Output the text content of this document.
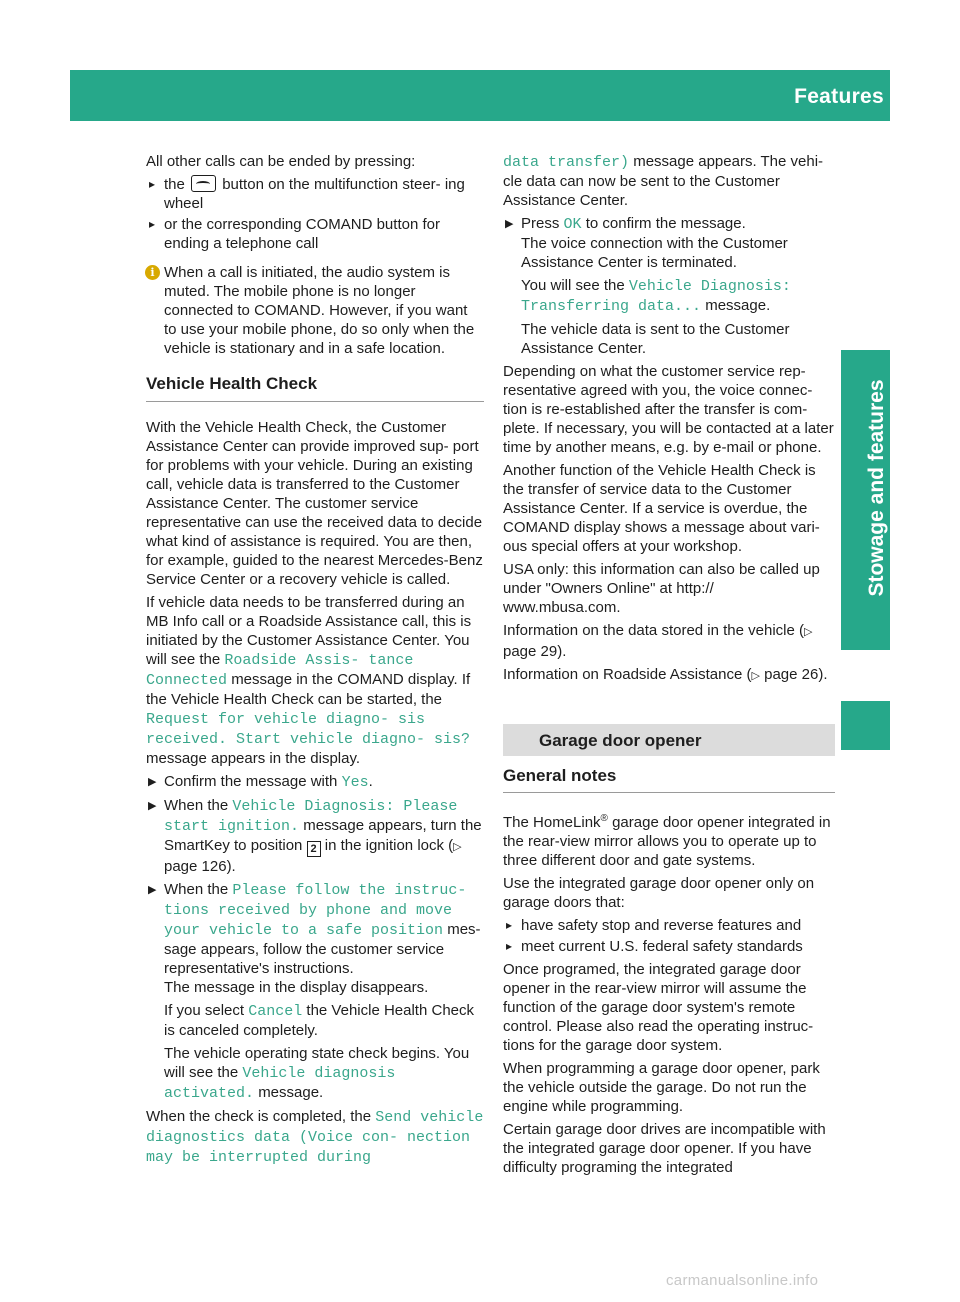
Features 259
Stowage and features

All other calls can be ended by pressing:

▸ the button on the multifunction steer- ing wheel
▸ or the corresponding COMAND button for ending a telephone call
i When a call is initiated, the audio system is muted. The mobile phone is no longer connected to COMAND. However, if you want to use your mobile phone, do so only when the vehicle is stationary and in a safe location.
Vehicle Health Check

With the Vehicle Health Check, the Customer Assistance Center can provide improved sup- port for problems with your vehicle. During an existing call, vehicle data is transferred to the Customer Assistance Center. The customer service representative can use the received data to decide what kind of assistance is required. You are then, for example, guided to the nearest Mercedes-Benz Service Center or a recovery vehicle is called.

If vehicle data needs to be transferred during an MB Info call or a Roadside Assistance call, this is initiated by the Customer Assistance Center. You will see the Roadside Assis‐ tance Connected message in the COMAND display. If the Vehicle Health Check can be started, the Request for vehicle diagno‐ sis received. Start vehicle diagno‐ sis? message appears in the display.

▶ Confirm the message with Yes.
▶ When the Vehicle Diagnosis: Please start ignition. message appears, turn the SmartKey to position 2 in the ignition lock (▷ page 126).
▶ When the Please follow the instruc‐ tions received by phone and move your vehicle to a safe position mes- sage appears, follow the customer service representative's instructions.
The message in the display disappears.
If you select Cancel the Vehicle Health Check is canceled completely.
The vehicle operating state check begins. You will see the Vehicle diagnosis activated. message.

When the check is completed, the Send vehicle diagnostics data (Voice con‐ nection may be interrupted during

data transfer) message appears. The vehi- cle data can now be sent to the Customer Assistance Center.

▶ Press OK to confirm the message.
The voice connection with the Customer Assistance Center is terminated.
You will see the Vehicle Diagnosis: Transferring data... message.
The vehicle data is sent to the Customer Assistance Center.

Depending on what the customer service rep- resentative agreed with you, the voice connec- tion is re-established after the transfer is com- plete. If necessary, you will be contacted at a later time by another means, e.g. by e-mail or phone.

Another function of the Vehicle Health Check is the transfer of service data to the Customer Assistance Center. If a service is overdue, the COMAND display shows a message about vari- ous special offers at your workshop.

USA only: this information can also be called up under "Owners Online" at http:// www.mbusa.com.

Information on the data stored in the vehicle (▷ page 29).

Information on Roadside Assistance (▷ page 26).

Garage door opener
General notes

The HomeLink® garage door opener integrated in the rear-view mirror allows you to operate up to three different door and gate systems.

Use the integrated garage door opener only on garage doors that:

▸ have safety stop and reverse features and
▸ meet current U.S. federal safety standards

Once programed, the integrated garage door opener in the rear-view mirror will assume the function of the garage door system's remote control. Please also read the operating instruc- tions for the garage door system.

When programming a garage door opener, park the vehicle outside the garage. Do not run the engine while programming.

Certain garage door drives are incompatible with the integrated garage door opener. If you have difficulty programing the integrated

carmanualsonline.info
